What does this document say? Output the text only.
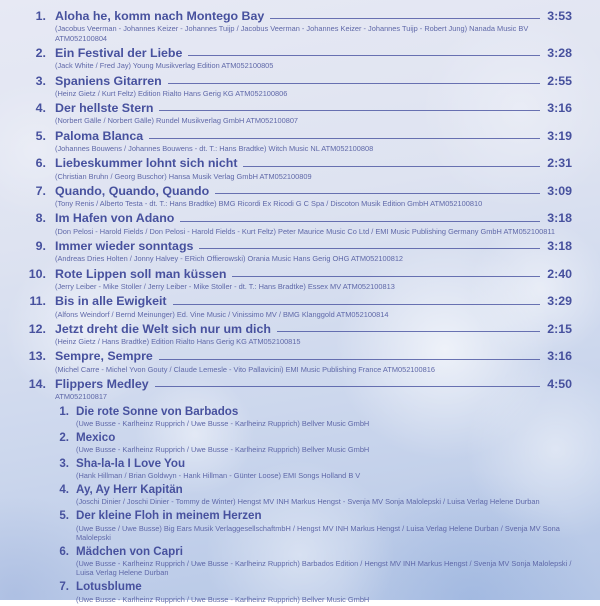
1. Aloha he, komm nach Montego Bay	3:53
(Jacobus Veerman - Johannes Keizer - Johannes Tuijp / Jacobus Veerman - Johannes Keizer - Johannes Tuijp - Robert Jung) Nanada Music BV ATM052100804
2. Ein Festival der Liebe	3:28
(Jack White / Fred Jay) Young Musikverlag Edition ATM052100805
3. Spaniens Gitarren	2:55
(Heinz Gietz / Kurt Feltz) Edition Rialto Hans Gerig KG ATM052100806
4. Der hellste Stern	3:16
(Norbert Gälle / Norbert Gälle) Rundel Musikverlag GmbH ATM052100807
5. Paloma Blanca	3:19
(Johannes Bouwens / Johannes Bouwens - dt. T.: Hans Bradtke) Witch Music NL ATM052100808
6. Liebeskummer lohnt sich nicht	2:31
(Christian Bruhn / Georg Buschor) Hansa Musik Verlag GmbH ATM052100809
7. Quando, Quando, Quando	3:09
(Tony Renis / Alberto Testa - dt. T.: Hans Bradtke) BMG Ricordi Ex Ricodi G C Spa / Discoton Musik Edition GmbH ATM052100810
8. Im Hafen von Adano	3:18
(Don Pelosi - Harold Fields / Don Pelosi - Harold Fields - Kurt Feltz) Peter Maurice Music Co Ltd / EMI Music Publishing Germany GmbH ATM052100811
9. Immer wieder sonntags	3:18
(Andreas Dries Holten / Jonny Halvey - ERich Offierowski) Orania Music Hans Gerig OHG ATM052100812
10. Rote Lippen soll man küssen	2:40
(Jerry Leiber - Mike Stoller / Jerry Leiber - Mike Stoller - dt. T.: Hans Bradtke) Essex MV ATM052100813
11. Bis in alle Ewigkeit	3:29
(Alfons Weindorf / Bernd Meinunger) Ed. Vine Music / Vinissimo MV / BMG Klanggold ATM052100814
12. Jetzt dreht die Welt sich nur um dich	2:15
(Heinz Gietz / Hans Bradtke) Edition Rialto Hans Gerig KG ATM052100815
13. Sempre, Sempre	3:16
(Michel Carre - Michel Yvon Gouty / Claude Lemesle - Vito Pallavicini) EMI Music Publishing France ATM052100816
14. Flippers Medley	4:50
ATM052100817
1. Die rote Sonne von Barbados
(Uwe Busse - Karlheinz Rupprich / Uwe Busse - Karlheinz Rupprich) Bellver Music GmbH
2. Mexico
(Uwe Busse - Karlheinz Rupprich / Uwe Busse - Karlheinz Rupprich) Bellver Music GmbH
3. Sha-la-la I Love You
(Hank Hillman / Brian Goldwyn - Hank Hillman - Günter Loose) EMI Songs Holland B V
4. Ay, Ay Herr Kapitän
(Joschi Dinier / Joschi Dinier - Tommy de Winter) Hengst MV INH Markus Hengst - Svenja MV Sonja Malolepski / Luisa Verlag Helene Durban
5. Der kleine Floh in meinem Herzen
(Uwe Busse / Uwe Busse) Big Ears Musik VerlaggesellschaftmbH / Hengst MV INH Markus Hengst / Luisa Verlag Helene Durban / Svenja MV Sona Malolepski
6. Mädchen von Capri
(Uwe Busse - Karlheinz Rupprich / Uwe Busse - Karlheinz Rupprich) Barbados Edition / Hengst MV INH Markus Hengst / Svenja MV Sonja Malolepski / Luisa Verlag Helene Durban
7. Lotusblume
(Uwe Busse - Karlheinz Rupprich / Uwe Busse - Karlheinz Rupprich) Bellver Music GmbH
